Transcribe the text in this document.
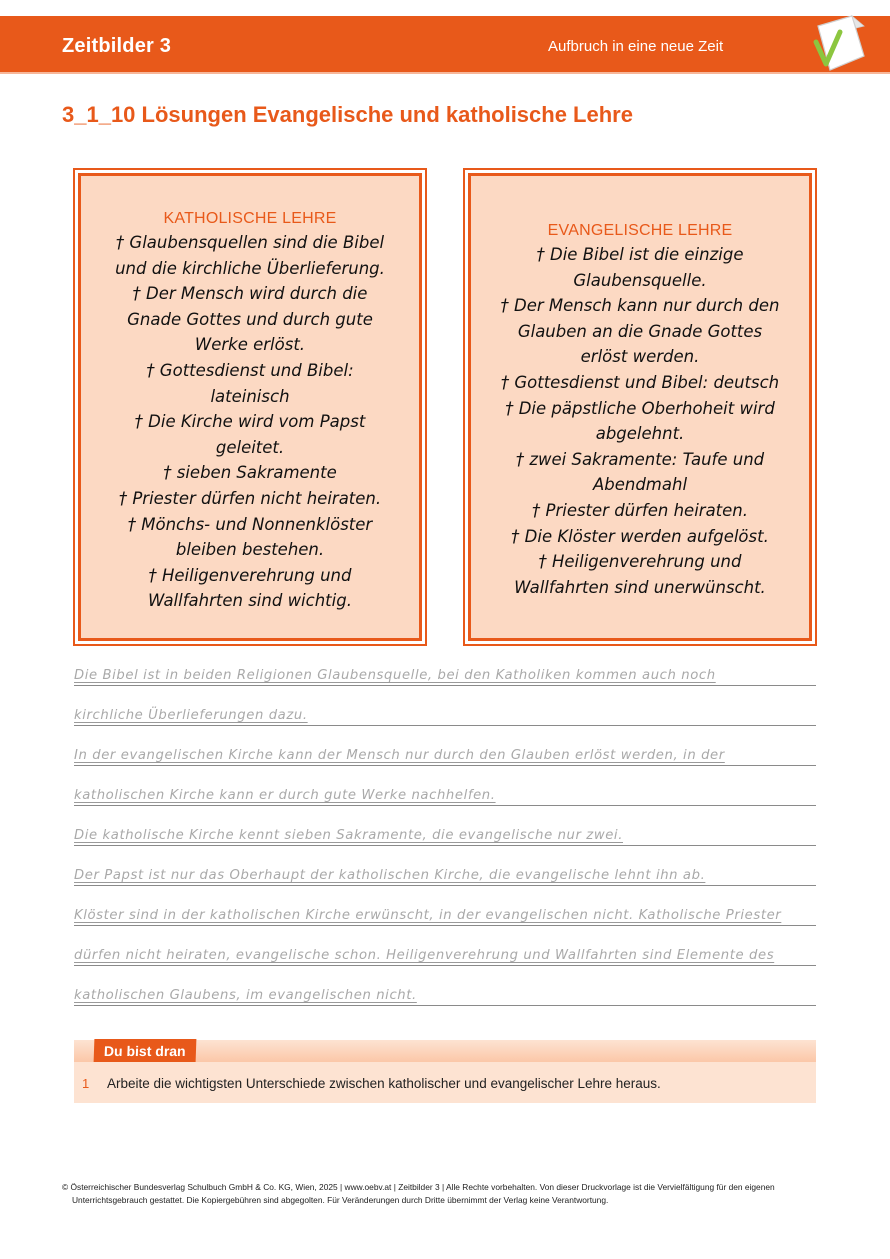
Zeitbilder 3	Aufbruch in eine neue Zeit
3_1_10 Lösungen Evangelische und katholische Lehre
KATHOLISCHE LEHRE
† Glaubensquellen sind die Bibel
und die kirchliche Überlieferung.
† Der Mensch wird durch die
Gnade Gottes und durch gute
Werke erlöst.
† Gottesdienst und Bibel:
lateinisch
† Die Kirche wird vom Papst
geleitet.
† sieben Sakramente
† Priester dürfen nicht heiraten.
† Mönchs- und Nonnenklöster
bleiben bestehen.
† Heiligenverehrung und
Wallfahrten sind wichtig.
EVANGELISCHE LEHRE
† Die Bibel ist die einzige
Glaubensquelle.
† Der Mensch kann nur durch den
Glauben an die Gnade Gottes
erlöst werden.
† Gottesdienst und Bibel: deutsch
† Die päpstliche Oberhoheit wird
abgelehnt.
† zwei Sakramente: Taufe und
Abendmahl
† Priester dürfen heiraten.
† Die Klöster werden aufgelöst.
† Heiligenverehrung und
Wallfahrten sind unerwünscht.
Die Bibel ist in beiden Religionen Glaubensquelle, bei den Katholiken kommen auch noch
kirchliche Überlieferungen dazu.
In der evangelischen Kirche kann der Mensch nur durch den Glauben erlöst werden, in der
katholischen Kirche kann er durch gute Werke nachhelfen.
Die katholische Kirche kennt sieben Sakramente, die evangelische nur zwei.
Der Papst ist nur das Oberhaupt der katholischen Kirche, die evangelische lehnt ihn ab.
Klöster sind in der katholischen Kirche erwünscht, in der evangelischen nicht. Katholische Priester
dürfen nicht heiraten, evangelische schon. Heiligenverehrung und Wallfahrten sind Elemente des
katholischen Glaubens, im evangelischen nicht.
Du bist dran
1 Arbeite die wichtigsten Unterschiede zwischen katholischer und evangelischer Lehre heraus.
© Österreichischer Bundesverlag Schulbuch GmbH & Co. KG, Wien, 2025 | www.oebv.at | Zeitbilder 3 | Alle Rechte vorbehalten. Von dieser Druckvorlage ist die Vervielfältigung für den eigenen
Unterrichtsgebrauch gestattet. Die Kopiergebühren sind abgegolten. Für Veränderungen durch Dritte übernimmt der Verlag keine Verantwortung.
